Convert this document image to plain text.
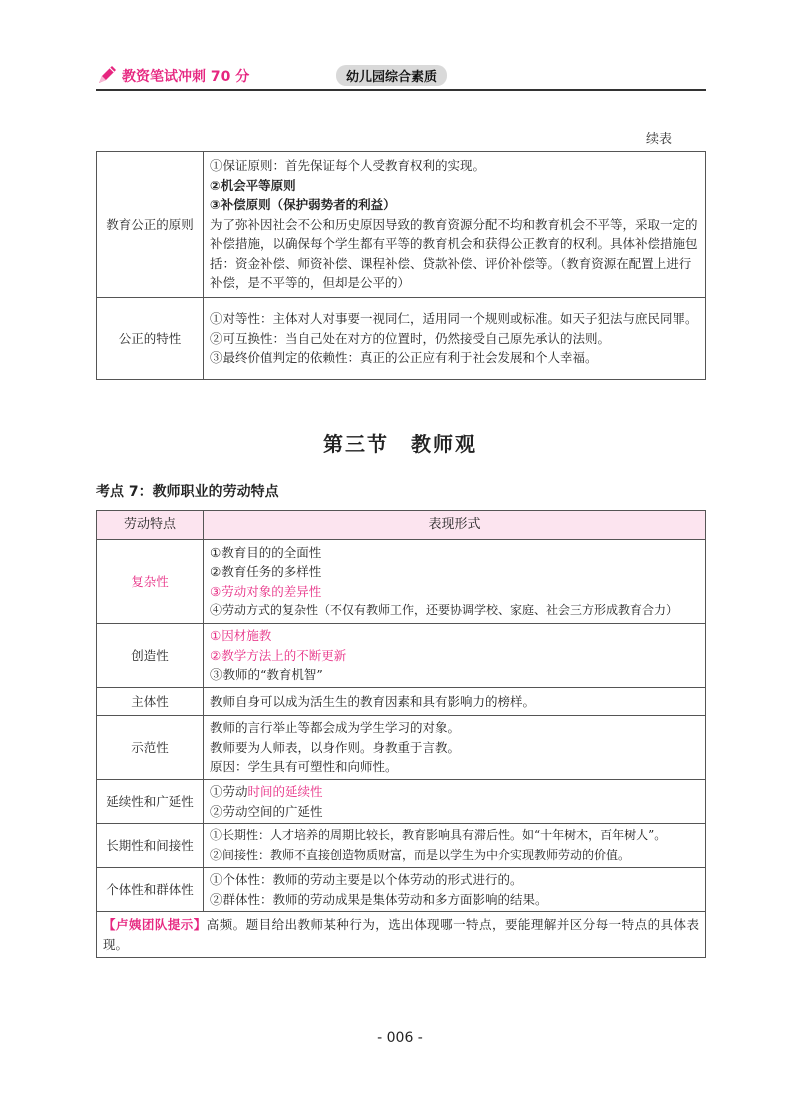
教资笔试冲刺 70 分	幼儿园综合素质
续表
教育公正的原则	①保证原则：首先保证每个人受教育权利的实现。
②机会平等原则
③补偿原则（保护弱势者的利益）
为了弥补因社会不公和历史原因导致的教育资源分配不均和教育机会不平等，采取一定的补偿措施，以确保每个学生都有平等的教育机会和获得公正教育的权利。具体补偿措施包括：资金补偿、师资补偿、课程补偿、贷款补偿、评价补偿等。（教育资源在配置上进行补偿，是不平等的，但却是公平的）

公正的特性	①对等性：主体对人对事要一视同仁，适用同一个规则或标准。如天子犯法与庶民同罪。
②可互换性：当自己处在对方的位置时，仍然接受自己原先承认的法则。
③最终价值判定的依赖性：真正的公正应有利于社会发展和个人幸福。
第三节　教师观
考点 7：教师职业的劳动特点
劳动特点	表现形式
复杂性	①教育目的的全面性
②教育任务的多样性
③劳动对象的差异性
④劳动方式的复杂性（不仅有教师工作，还要协调学校、家庭、社会三方形成教育合力）

创造性	①因材施教
②教学方法上的不断更新
③教师的“教育机智”

主体性	教师自身可以成为活生生的教育因素和具有影响力的榜样。

示范性	教师的言行举止等都会成为学生学习的对象。
教师要为人师表，以身作则。身教重于言教。
原因：学生具有可塑性和向师性。

延续性和广延性	①劳动时间的延续性
②劳动空间的广延性

长期性和间接性	①长期性：人才培养的周期比较长，教育影响具有滞后性。如“十年树木，百年树人”。
②间接性：教师不直接创造物质财富，而是以学生为中介实现教师劳动的价值。

个体性和群体性	①个体性：教师的劳动主要是以个体劳动的形式进行的。
②群体性：教师的劳动成果是集体劳动和多方面影响的结果。

【卢姨团队提示】高频。题目给出教师某种行为，选出体现哪一特点，要能理解并区分每一特点的具体表现。	
- 006 -
